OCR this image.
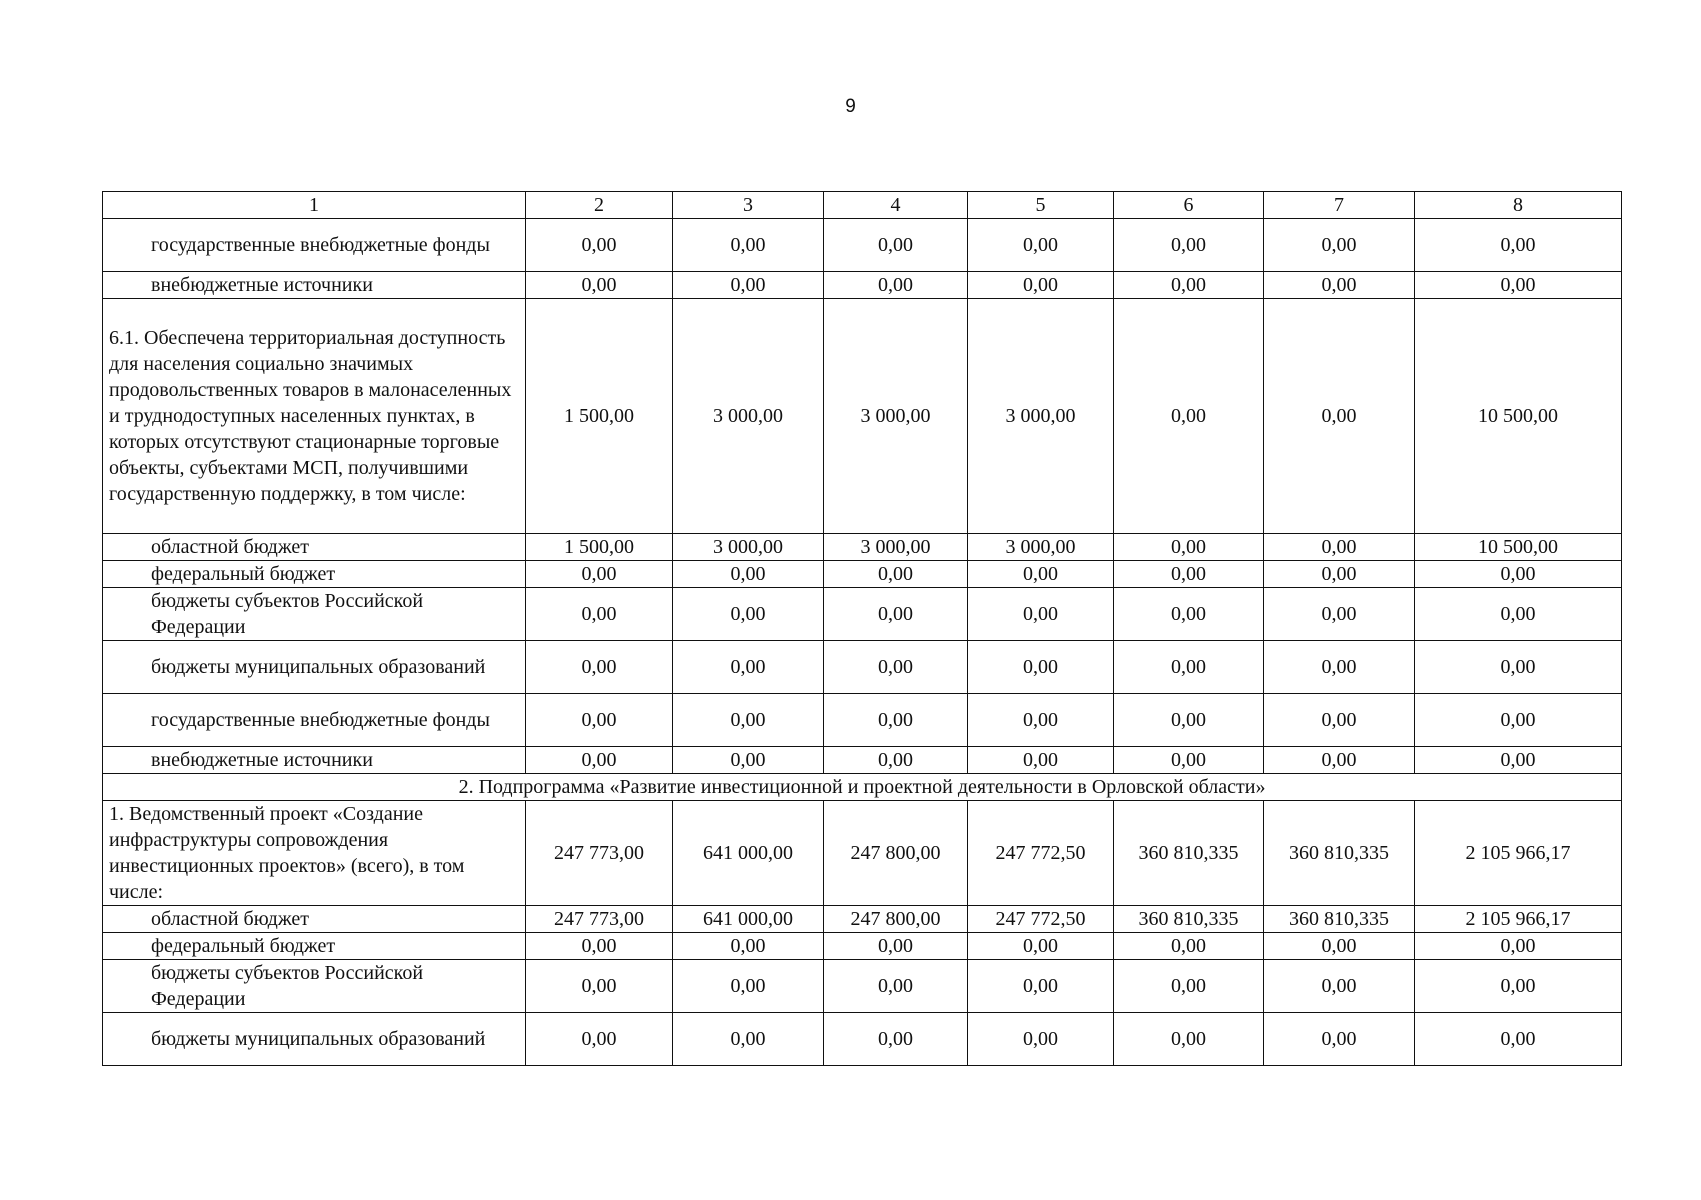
9
1	2	3	4	5	6	7	8
государственные внебюджетные фонды	0,00	0,00	0,00	0,00	0,00	0,00	0,00
внебюджетные источники	0,00	0,00	0,00	0,00	0,00	0,00	0,00
6.1. Обеспечена территориальная доступность для населения социально значимых продовольственных товаров в малонаселенных и труднодоступных населенных пунктах, в которых отсутствуют стационарные торговые объекты, субъектами МСП, получившими государственную поддержку, в том числе:	1 500,00	3 000,00	3 000,00	3 000,00	0,00	0,00	10 500,00
областной бюджет	1 500,00	3 000,00	3 000,00	3 000,00	0,00	0,00	10 500,00
федеральный бюджет	0,00	0,00	0,00	0,00	0,00	0,00	0,00
бюджеты субъектов Российской Федерации	0,00	0,00	0,00	0,00	0,00	0,00	0,00
бюджеты муниципальных образований	0,00	0,00	0,00	0,00	0,00	0,00	0,00
государственные внебюджетные фонды	0,00	0,00	0,00	0,00	0,00	0,00	0,00
внебюджетные источники	0,00	0,00	0,00	0,00	0,00	0,00	0,00
2. Подпрограмма «Развитие инвестиционной и проектной деятельности в Орловской области»							
1. Ведомственный проект «Создание инфраструктуры сопровождения инвестиционных проектов» (всего), в том числе:	247 773,00	641 000,00	247 800,00	247 772,50	360 810,335	360 810,335	2 105 966,17
областной бюджет	247 773,00	641 000,00	247 800,00	247 772,50	360 810,335	360 810,335	2 105 966,17
федеральный бюджет	0,00	0,00	0,00	0,00	0,00	0,00	0,00
бюджеты субъектов Российской Федерации	0,00	0,00	0,00	0,00	0,00	0,00	0,00
бюджеты муниципальных образований	0,00	0,00	0,00	0,00	0,00	0,00	0,00
